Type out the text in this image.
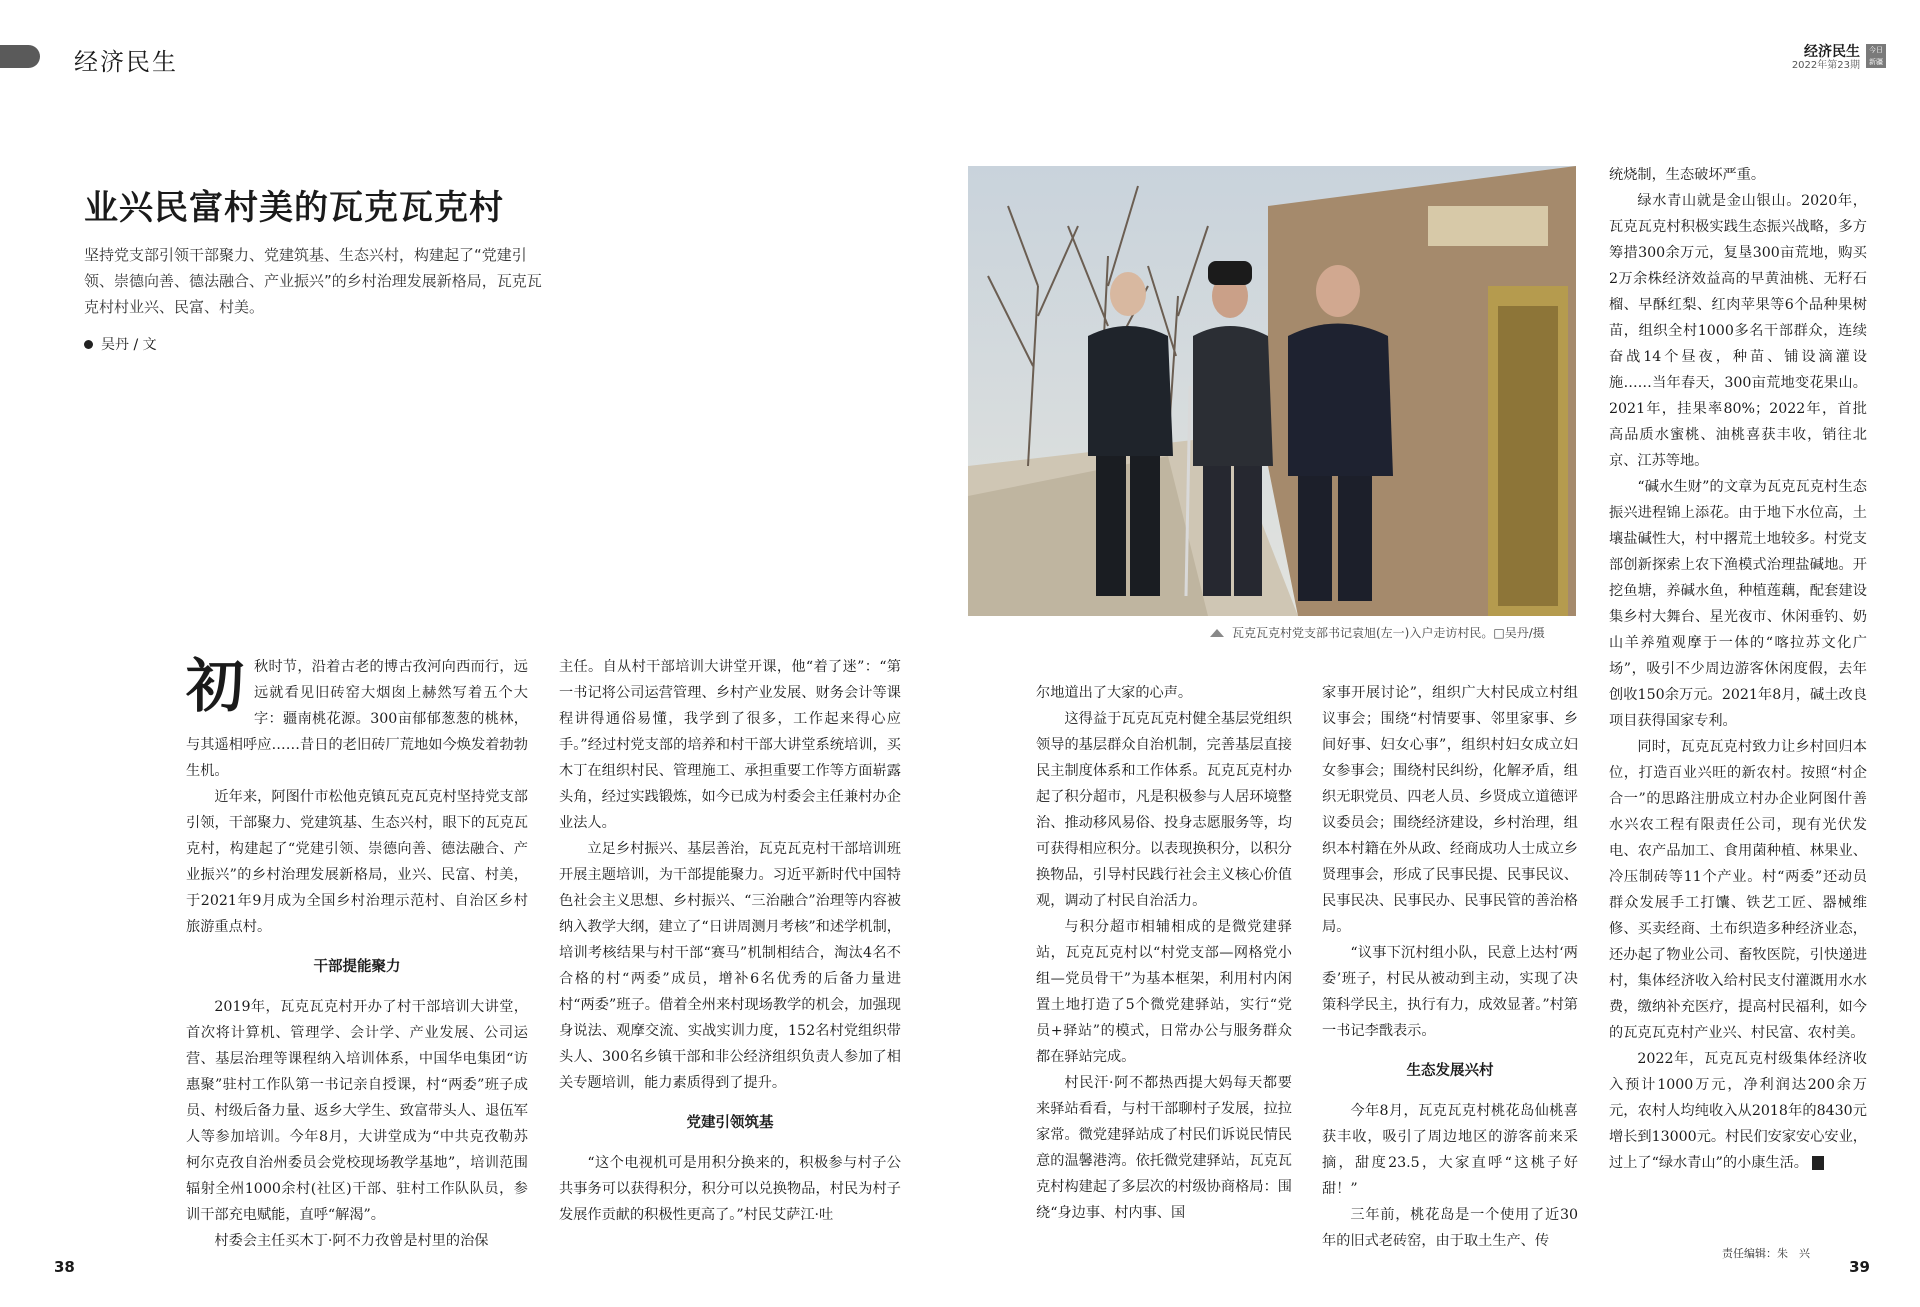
经济民生	经济民生
2022年第23期
今日新疆
业兴民富村美的瓦克瓦克村
坚持党支部引领干部聚力、党建筑基、生态兴村，构建起了“党建引领、崇德向善、德法融合、产业振兴”的乡村治理发展新格局，瓦克瓦克村村业兴、民富、村美。
吴丹 / 文
瓦克瓦克村党支部书记袁旭(左一)入户走访村民。□吴丹/摄

初秋时节，沿着古老的博古孜河向西而行，远远就看见旧砖窑大烟囱上赫然写着五个大字：疆南桃花源。300亩郁郁葱葱的桃林，与其遥相呼应……昔日的老旧砖厂荒地如今焕发着勃勃生机。

近年来，阿图什市松他克镇瓦克瓦克村坚持党支部引领，干部聚力、党建筑基、生态兴村，眼下的瓦克瓦克村，构建起了“党建引领、崇德向善、德法融合、产业振兴”的乡村治理发展新格局，业兴、民富、村美，于2021年9月成为全国乡村治理示范村、自治区乡村旅游重点村。

干部提能聚力

2019年，瓦克瓦克村开办了村干部培训大讲堂，首次将计算机、管理学、会计学、产业发展、公司运营、基层治理等课程纳入培训体系，中国华电集团“访惠聚”驻村工作队第一书记亲自授课，村“两委”班子成员、村级后备力量、返乡大学生、致富带头人、退伍军人等参加培训。今年8月，大讲堂成为“中共克孜勒苏柯尔克孜自治州委员会党校现场教学基地”，培训范围辐射全州1000余村(社区)干部、驻村工作队队员，参训干部充电赋能，直呼“解渴”。

村委会主任买木丁·阿不力孜曾是村里的治保

主任。自从村干部培训大讲堂开课，他“着了迷”：“第一书记将公司运营管理、乡村产业发展、财务会计等课程讲得通俗易懂，我学到了很多，工作起来得心应手。”经过村党支部的培养和村干部大讲堂系统培训，买木丁在组织村民、管理施工、承担重要工作等方面崭露头角，经过实践锻炼，如今已成为村委会主任兼村办企业法人。

立足乡村振兴、基层善治，瓦克瓦克村干部培训班开展主题培训，为干部提能聚力。习近平新时代中国特色社会主义思想、乡村振兴、“三治融合”治理等内容被纳入教学大纲，建立了“日讲周测月考核”和述学机制，培训考核结果与村干部“赛马”机制相结合，淘汰4名不合格的村“两委”成员，增补6名优秀的后备力量进村“两委”班子。借着全州来村现场教学的机会，加强现身说法、观摩交流、实战实训力度，152名村党组织带头人、300名乡镇干部和非公经济组织负责人参加了相关专题培训，能力素质得到了提升。

党建引领筑基

“这个电视机可是用积分换来的，积极参与村子公共事务可以获得积分，积分可以兑换物品，村民为村子发展作贡献的积极性更高了。”村民艾萨江·吐

尔地道出了大家的心声。

这得益于瓦克瓦克村健全基层党组织领导的基层群众自治机制，完善基层直接民主制度体系和工作体系。瓦克瓦克村办起了积分超市，凡是积极参与人居环境整治、推动移风易俗、投身志愿服务等，均可获得相应积分。以表现换积分，以积分换物品，引导村民践行社会主义核心价值观，调动了村民自治活力。

与积分超市相辅相成的是微党建驿站，瓦克瓦克村以“村党支部—网格党小组—党员骨干”为基本框架，利用村内闲置土地打造了5个微党建驿站，实行“党员+驿站”的模式，日常办公与服务群众都在驿站完成。

村民汗·阿不都热西提大妈每天都要来驿站看看，与村干部聊村子发展，拉拉家常。微党建驿站成了村民们诉说民情民意的温馨港湾。依托微党建驿站，瓦克瓦克村构建起了多层次的村级协商格局：围绕“身边事、村内事、国

家事开展讨论”，组织广大村民成立村组议事会；围绕“村情要事、邻里家事、乡间好事、妇女心事”，组织村妇女成立妇女参事会；围绕村民纠纷，化解矛盾，组织无职党员、四老人员、乡贤成立道德评议委员会；围绕经济建设，乡村治理，组织本村籍在外从政、经商成功人士成立乡贤理事会，形成了民事民提、民事民议、民事民决、民事民办、民事民管的善治格局。

“议事下沉村组小队，民意上达村‘两委’班子，村民从被动到主动，实现了决策科学民主，执行有力，成效显著。”村第一书记李戬表示。

生态发展兴村

今年8月，瓦克瓦克村桃花岛仙桃喜获丰收，吸引了周边地区的游客前来采摘，甜度23.5，大家直呼“这桃子好甜！”

三年前，桃花岛是一个使用了近30年的旧式老砖窑，由于取土生产、传

统烧制，生态破坏严重。

绿水青山就是金山银山。2020年，瓦克瓦克村积极实践生态振兴战略，多方筹措300余万元，复垦300亩荒地，购买2万余株经济效益高的早黄油桃、无籽石榴、早酥红梨、红肉苹果等6个品种果树苗，组织全村1000多名干部群众，连续奋战14个昼夜，种苗、铺设滴灌设施……当年春天，300亩荒地变花果山。2021年，挂果率80%；2022年，首批高品质水蜜桃、油桃喜获丰收，销往北京、江苏等地。

“碱水生财”的文章为瓦克瓦克村生态振兴进程锦上添花。由于地下水位高，土壤盐碱性大，村中撂荒土地较多。村党支部创新探索上农下渔模式治理盐碱地。开挖鱼塘，养碱水鱼，种植莲藕，配套建设集乡村大舞台、星光夜市、休闲垂钓、奶山羊养殖观摩于一体的“喀拉苏文化广场”，吸引不少周边游客休闲度假，去年创收150余万元。2021年8月，碱土改良项目获得国家专利。

同时，瓦克瓦克村致力让乡村回归本位，打造百业兴旺的新农村。按照“村企合一”的思路注册成立村办企业阿图什善水兴农工程有限责任公司，现有光伏发电、农产品加工、食用菌种植、林果业、冷压制砖等11个产业。村“两委”还动员群众发展手工打馕、铁艺工匠、器械维修、买卖经商、土布织造多种经济业态，还办起了物业公司、畜牧医院，引快递进村，集体经济收入给村民支付灌溉用水水费，缴纳补充医疗，提高村民福利，如今的瓦克瓦克村产业兴、村民富、农村美。

2022年，瓦克瓦克村级集体经济收入预计1000万元，净利润达200余万元，农村人均纯收入从2018年的8430元增长到13000元。村民们安家安心安业，过上了“绿水青山”的小康生活。

38
责任编辑：朱　兴
39
